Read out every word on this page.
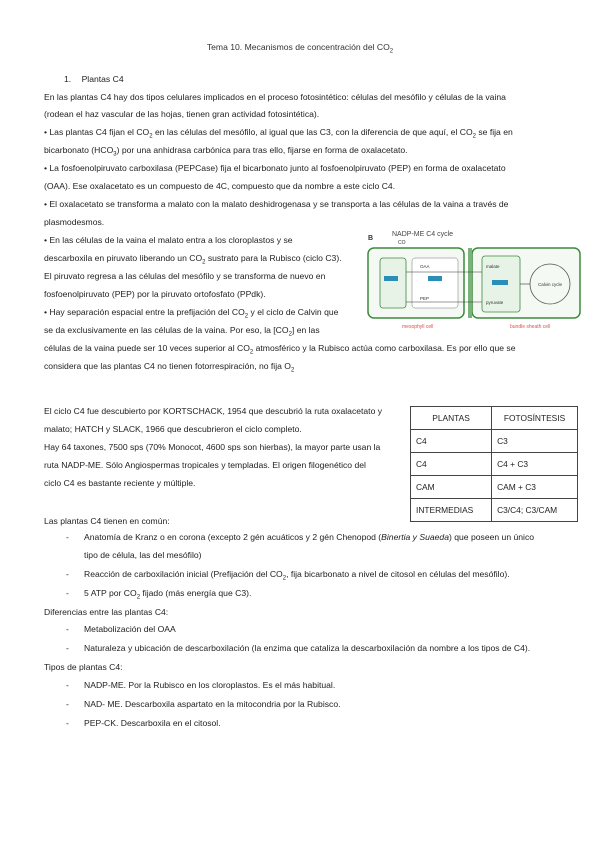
Tema 10. Mecanismos de concentración del $CO_2$
1. Plantas C4
En las plantas C4 hay dos tipos celulares implicados en el proceso fotosintético: células del mesófilo y células de la vaina
(rodean el haz vascular de las hojas, tienen gran actividad fotosintética).
• Las plantas C4 fijan el $CO_2$ en las células del mesófilo, al igual que las C3, con la diferencia de que aquí, el $CO_2$ se fija en
bicarbonato $(HCO_3)$ por una anhidrasa carbónica para tras ello, fijarse en forma de oxalacetato.
• La fosfoenolpiruvato carboxilasa (PEPCase) fija el bicarbonato junto al fosfoenolpiruvato (PEP) en forma de oxalacetato
(OAA). Ese oxalacetato es un compuesto de 4C, compuesto que da nombre a este ciclo C4.
• El oxalacetato se transforma a malato con la malato deshidrogenasa y se transporta a las células de la vaina a través de
plasmodesmos.
• En las células de la vaina el malato entra a los cloroplastos y se
descarboxila en piruvato liberando un $CO_2$ sustrato para la Rubisco (ciclo C3).
El piruvato regresa a las células del mesófilo y se transforma de nuevo en
fosfoenolpiruvato (PEP) por la piruvato ortofosfato (PPdk).
• Hay separación espacial entre la prefijación del $CO_2$ y el ciclo de Calvin que
se da exclusivamente en las células de la vaina. Por eso, la $[CO_2]$ en las
células de la vaina puede ser 10 veces superior al $CO_2$ atmosférico y la Rubisco actúa como carboxilasa. Es por ello que se
considera que las plantas C4 no tienen fotorrespiración, no fija $O_2$
B
NADP-ME C4 cycle
CO
Calvin cycle
OAA
PEP
malate
pyruvate
mesophyll cell	bundle sheath cell
El ciclo C4 fue descubierto por KORTSCHACK, 1954 que descubrió la ruta oxalacetato y
malato; HATCH y SLACK, 1966 que descubrieron el ciclo completo.
Hay 64 taxones, 7500 sps (70% Monocot, 4600 sps son hierbas), la mayor parte usan la
ruta NADP-ME. Sólo Angiospermas tropicales y templadas. El origen filogenético del
ciclo C4 es bastante reciente y múltiple.
PLANTAS	FOTOSÍNTESIS
C4	C3
C4	C4 + C3
CAM	CAM + C3
INTERMEDIAS	C3/C4; C3/CAM
Las plantas C4 tienen en común:
- Anatomía de Kranz o en corona (excepto 2 gén acuáticos y 2 gén Chenopod (Binertia y Suaeda) que poseen un único
tipo de célula, las del mesófilo)
- Reacción de carboxilación inicial (Prefijación del $CO_2$, fija bicarbonato a nivel de citosol en células del mesófilo).
- 5 ATP por $CO_2$ fijado (más energía que C3).
Diferencias entre las plantas C4:
- Metabolización del OAA
- Naturaleza y ubicación de descarboxilación (la enzima que cataliza la descarboxilación da nombre a los tipos de C4).
Tipos de plantas C4:
- NADP-ME. Por la Rubisco en los cloroplastos. Es el más habitual.
- NAD- ME. Descarboxila aspartato en la mitocondria por la Rubisco.
- PEP-CK. Descarboxila en el citosol.
